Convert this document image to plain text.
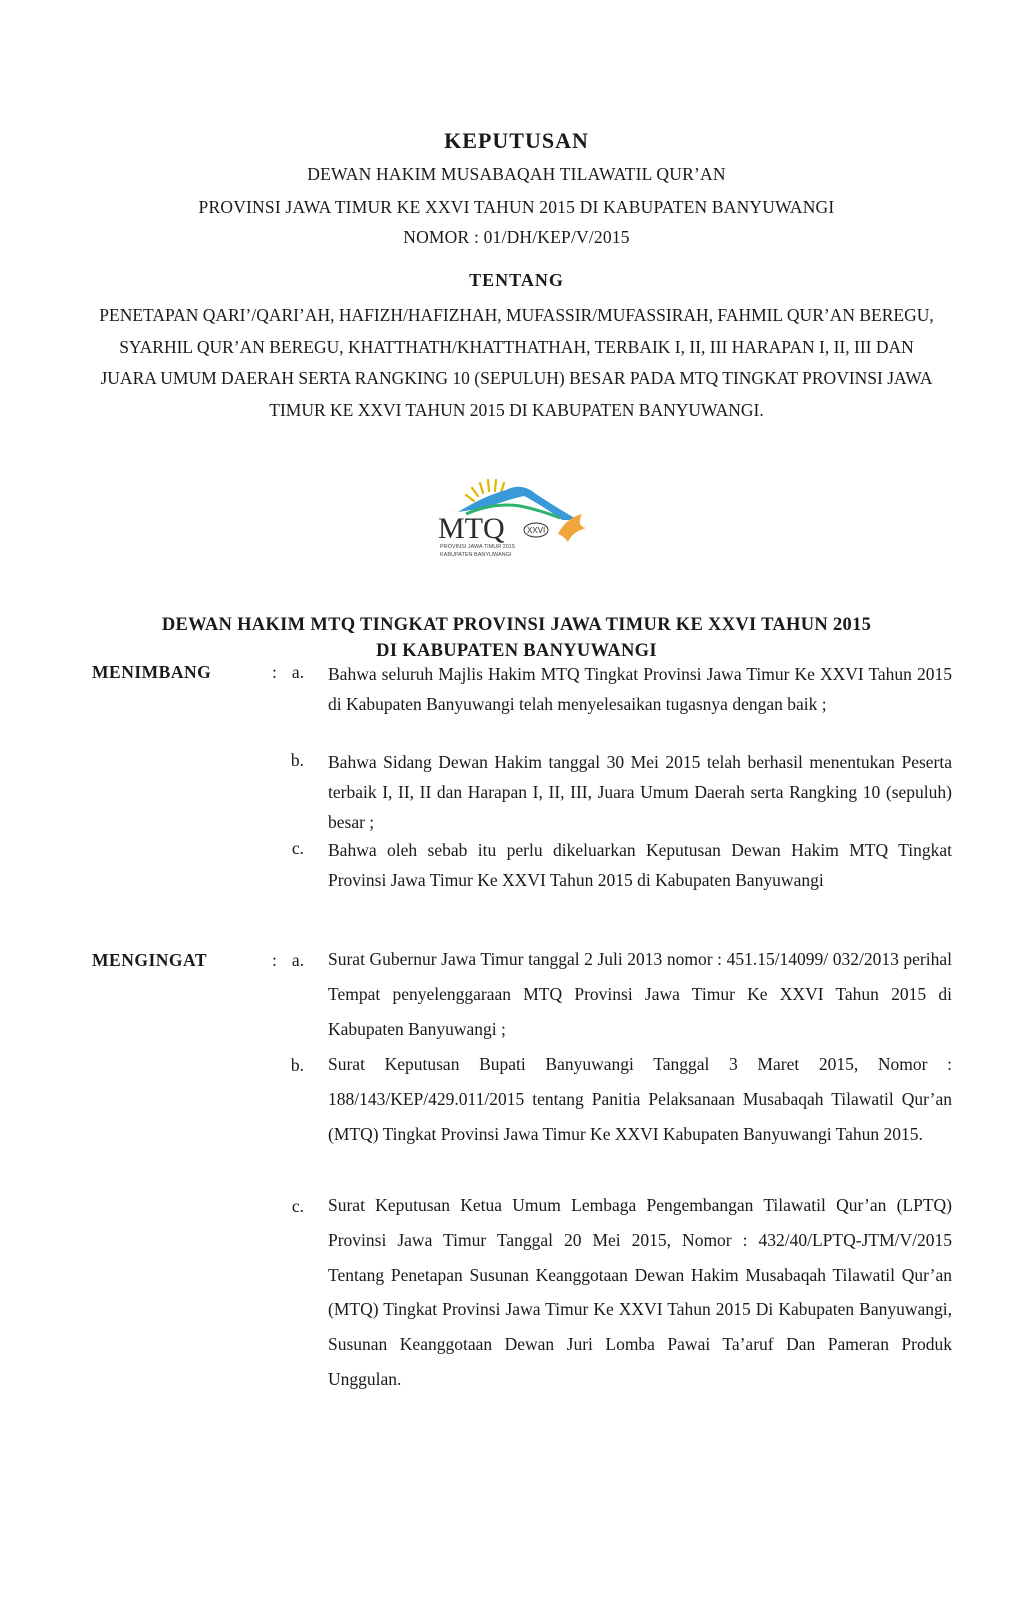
KEPUTUSAN
DEWAN HAKIM MUSABAQAH TILAWATIL QUR’AN
PROVINSI JAWA TIMUR KE XXVI TAHUN 2015 DI KABUPATEN BANYUWANGI
NOMOR : 01/DH/KEP/V/2015
TENTANG
PENETAPAN QARI’/QARI’AH, HAFIZH/HAFIZHAH, MUFASSIR/MUFASSIRAH, FAHMIL QUR’AN BEREGU, SYARHIL QUR’AN BEREGU, KHATTHATH/KHATTHATHAH, TERBAIK I, II, III HARAPAN I, II, III DAN JUARA UMUM DAERAH SERTA RANGKING 10 (SEPULUH) BESAR PADA MTQ TINGKAT PROVINSI JAWA TIMUR KE XXVI TAHUN 2015 DI KABUPATEN BANYUWANGI.
MTQ	XXVI
PROVINSI JAWA TIMUR 2015
KABUPATEN BANYUWANGI
DEWAN HAKIM MTQ TINGKAT PROVINSI JAWA TIMUR KE XXVI TAHUN 2015
DI KABUPATEN BANYUWANGI
MENIMBANG	: a. Bahwa seluruh Majlis Hakim MTQ Tingkat Provinsi Jawa Timur Ke XXVI Tahun 2015 di Kabupaten Banyuwangi telah menyelesaikan tugasnya dengan baik ;
b. Bahwa Sidang Dewan Hakim tanggal 30 Mei 2015 telah berhasil menentukan Peserta terbaik I, II, II dan Harapan I, II, III, Juara Umum Daerah serta Rangking 10 (sepuluh) besar ;
c. Bahwa oleh sebab itu perlu dikeluarkan Keputusan Dewan Hakim MTQ Tingkat Provinsi Jawa Timur Ke XXVI Tahun 2015 di Kabupaten Banyuwangi
MENGINGAT	: a. Surat Gubernur Jawa Timur tanggal 2 Juli 2013 nomor : 451.15/14099/ 032/2013 perihal Tempat penyelenggaraan MTQ Provinsi Jawa Timur Ke XXVI Tahun 2015 di Kabupaten Banyuwangi ;
b. Surat Keputusan Bupati Banyuwangi Tanggal 3 Maret 2015, Nomor : 188/143/KEP/429.011/2015 tentang Panitia Pelaksanaan Musabaqah Tilawatil Qur’an (MTQ) Tingkat Provinsi Jawa Timur Ke XXVI Kabupaten Banyuwangi Tahun 2015.
c. Surat Keputusan Ketua Umum Lembaga Pengembangan Tilawatil Qur’an (LPTQ) Provinsi Jawa Timur Tanggal 20 Mei 2015, Nomor : 432/40/LPTQ-JTM/V/2015 Tentang Penetapan Susunan Keanggotaan Dewan Hakim Musabaqah Tilawatil Qur’an (MTQ) Tingkat Provinsi Jawa Timur Ke XXVI Tahun 2015 Di Kabupaten Banyuwangi, Susunan Keanggotaan Dewan Juri Lomba Pawai Ta’aruf Dan Pameran Produk Unggulan.
